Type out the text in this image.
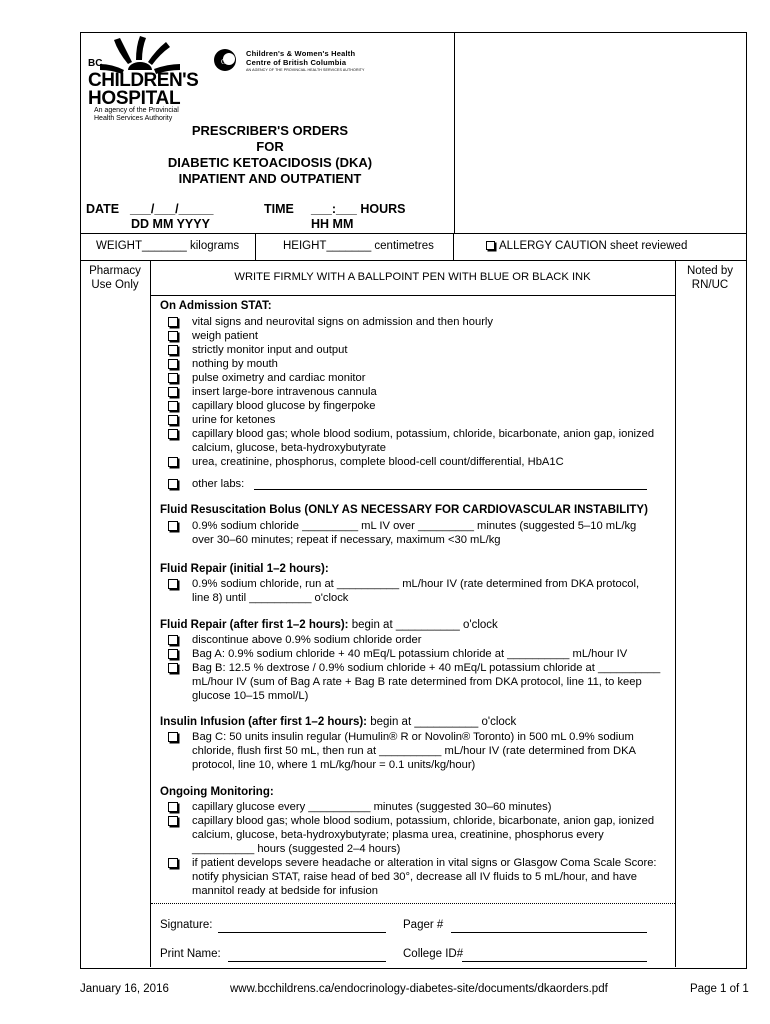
BC
CHILDREN'S
HOSPITAL
An agency of the Provincial
Health Services Authority
C
Children's & Women's Health
Centre of British Columbia
AN AGENCY OF THE PROVINCIAL HEALTH SERVICES AUTHORITY
PRESCRIBER'S ORDERS
FOR
DIABETIC KETOACIDOSIS (DKA)
INPATIENT AND OUTPATIENT
DATE ___/___/_____
DD MM YYYY
TIME ___:___ HOURS
HH MM
WEIGHT_______ kilograms	HEIGHT_______ centimetres	ALLERGY CAUTION sheet reviewed
Pharmacy Use Only
WRITE FIRMLY WITH A BALLPOINT PEN WITH BLUE OR BLACK INK	Noted by RN/UC
On Admission STAT:
vital signs and neurovital signs on admission and then hourly
weigh patient
strictly monitor input and output
nothing by mouth
pulse oximetry and cardiac monitor
insert large-bore intravenous cannula
capillary blood glucose by fingerpoke
urine for ketones
capillary blood gas; whole blood sodium, potassium, chloride, bicarbonate, anion gap, ionized calcium, glucose, beta-hydroxybutyrate
urea, creatinine, phosphorus, complete blood-cell count/differential, HbA1C
other labs:
Fluid Resuscitation Bolus (ONLY AS NECESSARY FOR CARDIOVASCULAR INSTABILITY)
0.9% sodium chloride _________ mL IV over _________ minutes (suggested 5–10 mL/kg over 30–60 minutes; repeat if necessary, maximum <30 mL/kg
Fluid Repair (initial 1–2 hours):
0.9% sodium chloride, run at __________ mL/hour IV (rate determined from DKA protocol, line 8) until __________ o'clock
Fluid Repair (after first 1–2 hours): begin at __________ o'clock
discontinue above 0.9% sodium chloride order
Bag A: 0.9% sodium chloride + 40 mEq/L potassium chloride at __________ mL/hour IV
Bag B: 12.5 % dextrose / 0.9% sodium chloride + 40 mEq/L potassium chloride at __________ mL/hour IV (sum of Bag A rate + Bag B rate determined from DKA protocol, line 11, to keep glucose 10–15 mmol/L)
Insulin Infusion (after first 1–2 hours): begin at __________ o'clock
Bag C: 50 units insulin regular (Humulin® R or Novolin® Toronto) in 500 mL 0.9% sodium chloride, flush first 50 mL, then run at __________ mL/hour IV (rate determined from DKA protocol, line 10, where 1 mL/kg/hour = 0.1 units/kg/hour)
Ongoing Monitoring:
capillary glucose every __________ minutes (suggested 30–60 minutes)
capillary blood gas; whole blood sodium, potassium, chloride, bicarbonate, anion gap, ionized calcium, glucose, beta-hydroxybutyrate; plasma urea, creatinine, phosphorus every __________ hours (suggested 2–4 hours)
if patient develops severe headache or alteration in vital signs or Glasgow Coma Scale Score: notify physician STAT, raise head of bed 30°, decrease all IV fluids to 5 mL/hour, and have mannitol ready at bedside for infusion
Signature:	Pager #
Print Name:	College ID#
January 16, 2016	www.bcchildrens.ca/endocrinology-diabetes-site/documents/dkaorders.pdf	Page 1 of 1
